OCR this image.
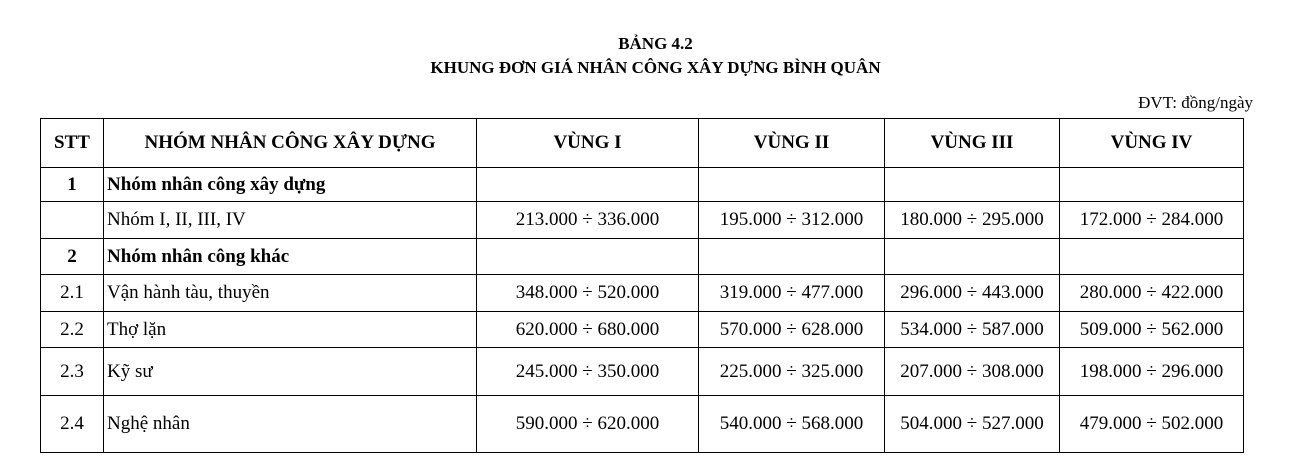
BẢNG 4.2
KHUNG ĐƠN GIÁ NHÂN CÔNG XÂY DỰNG BÌNH QUÂN
ĐVT: đồng/ngày
STT	NHÓM NHÂN CÔNG XÂY DỰNG	VÙNG I	VÙNG II	VÙNG III	VÙNG IV
1	Nhóm nhân công xây dựng				
	Nhóm I, II, III, IV	213.000 ÷ 336.000	195.000 ÷ 312.000	180.000 ÷ 295.000	172.000 ÷ 284.000
2	Nhóm nhân công khác				
2.1	Vận hành tàu, thuyền	348.000 ÷ 520.000	319.000 ÷ 477.000	296.000 ÷ 443.000	280.000 ÷ 422.000
2.2	Thợ lặn	620.000 ÷ 680.000	570.000 ÷ 628.000	534.000 ÷ 587.000	509.000 ÷ 562.000
2.3	Kỹ sư	245.000 ÷ 350.000	225.000 ÷ 325.000	207.000 ÷ 308.000	198.000 ÷ 296.000
2.4	Nghệ nhân	590.000 ÷ 620.000	540.000 ÷ 568.000	504.000 ÷ 527.000	479.000 ÷ 502.000
